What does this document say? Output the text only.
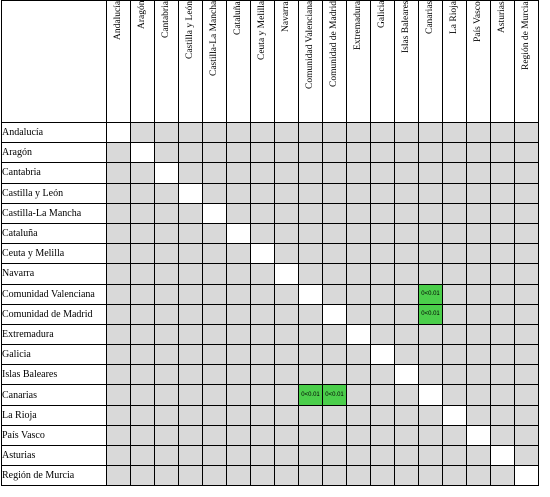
	Andalucía	Aragón	Cantabria	Castilla y León	Castilla-La Mancha	Cataluña	Ceuta y Melilla	Navarra	Comunidad Valenciana	Comunidad de Madrid	Extremadura	Galicia	Islas Baleares	Canarias	La Rioja	País Vasco	Asturias	Región de Murcia
Andalucía																		
Aragón																		
Cantabria																		
Castilla y León																		
Castilla-La Mancha																		
Cataluña																		
Ceuta y Melilla																		
Navarra																		
Comunidad Valenciana														0<0.01				
Comunidad de Madrid														0<0.01				
Extremadura																		
Galicia																		
Islas Baleares																		
Canarias									0<0.01	0<0.01								
La Rioja																		
País Vasco																		
Asturias																		
Región de Murcia																		
